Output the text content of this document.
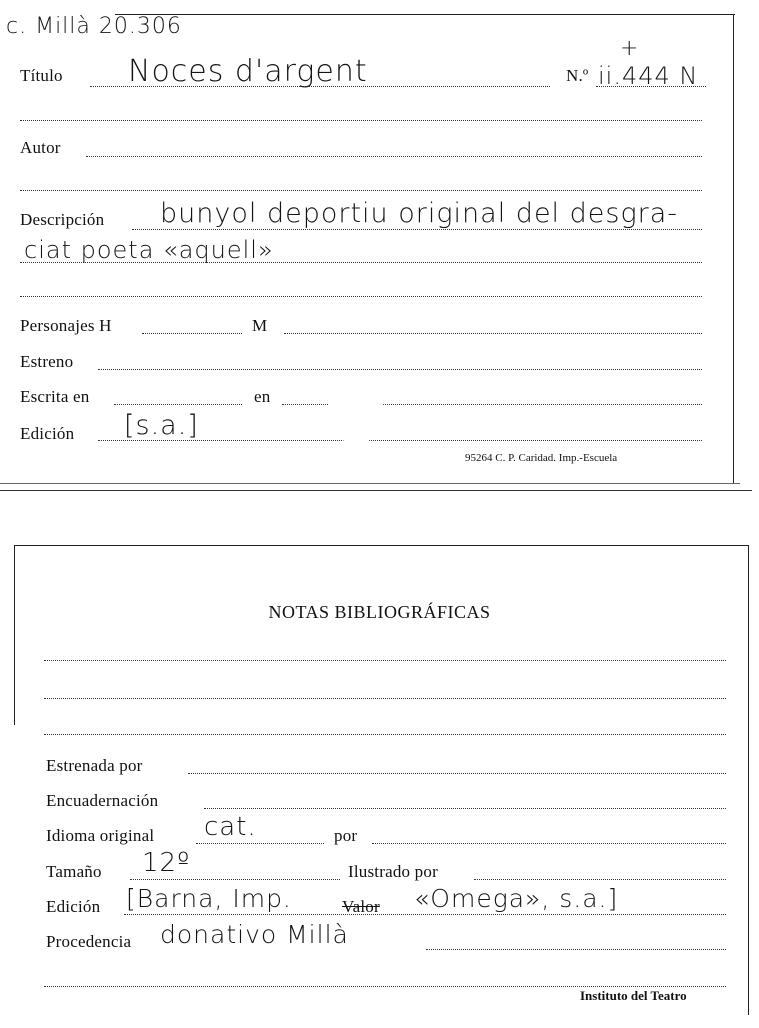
c. Millà 20.306
Título Noces d'argent	N.º
+
ii.444 N
Autor
Descripción bunyol deportiu original del desgra-
ciat poeta «aquell»
Personajes H	M
Estreno
Escrita en	en
Edición [s.a.]
95264 C. P. Caridad. Imp.-Escuela
NOTAS BIBLIOGRÁFICAS
Estrenada por
Encuadernación
Idioma original cat.	por
Tamaño 12º	Ilustrado por
Edición [Barna, Imp.	Valor «Omega», s.a.]
Procedencia donativo Millà
Instituto del Teatro
